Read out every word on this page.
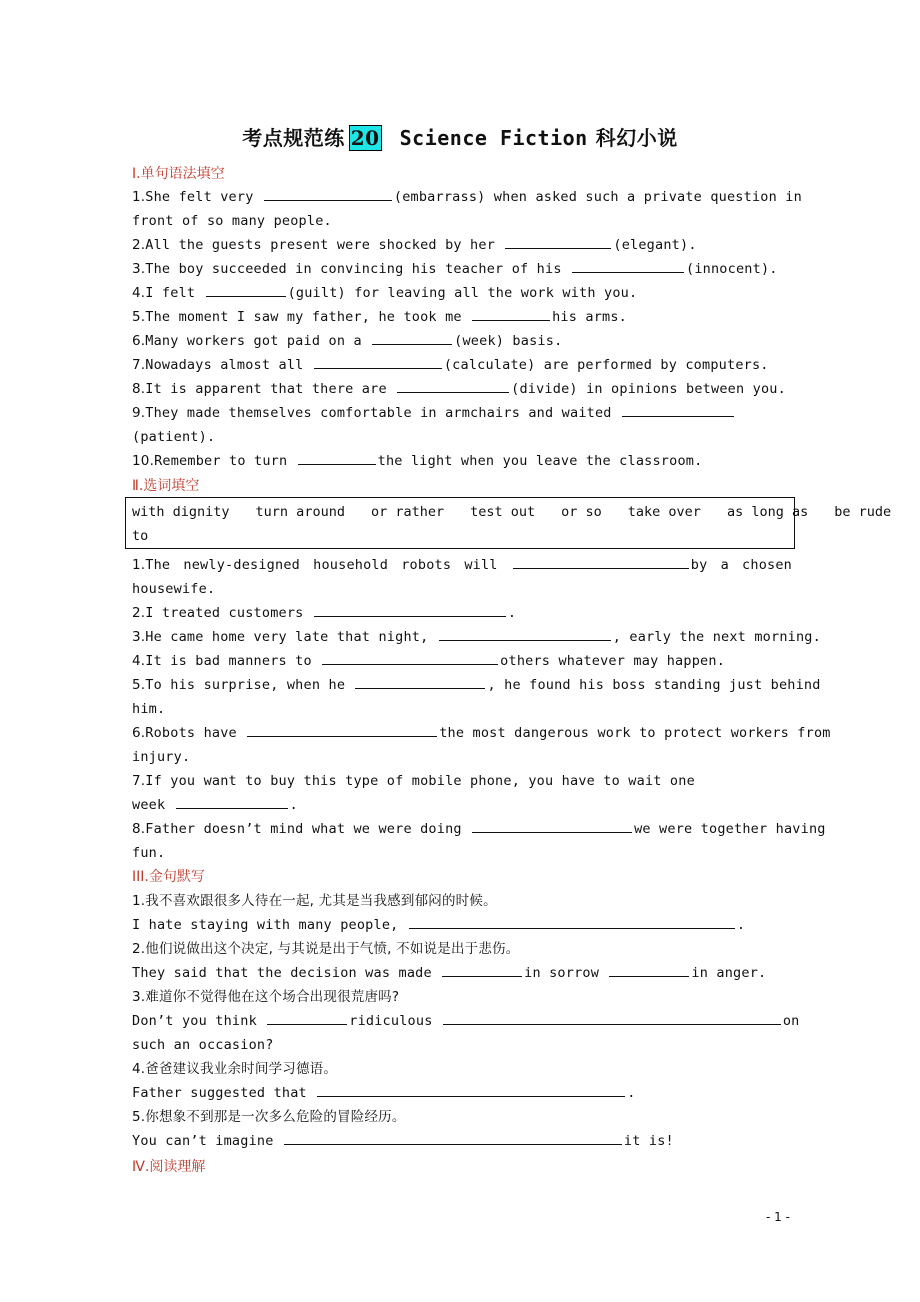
考点规范练 20 Science Fiction 科幻小说
Ⅰ.单句语法填空
1.She felt very	(embarrass) when asked such a private question in
front of so many people.
2.All the guests present were shocked by her	(elegant).
3.The boy succeeded in convincing his teacher of his	(innocent).
4.I felt	(guilt) for leaving all the work with you.
5.The moment I saw my father, he took me	his arms.
6.Many workers got paid on a	(week) basis.
7.Nowadays almost all	(calculate) are performed by computers.
8.It is apparent that there are	(divide) in opinions between you.
9.They made themselves comfortable in armchairs and waited
(patient).
10.Remember to turn	the light when you leave the classroom.
Ⅱ.选词填空
with dignity turn around or rather test out or so take over as long as be rude
to
1.The newly-designed household robots will	by a chosen
housewife.
2.I treated customers	.
3.He came home very late that night,	, early the next morning.
4.It is bad manners to	others whatever may happen.
5.To his surprise, when he	, he found his boss standing just behind
him.
6.Robots have	the most dangerous work to protect workers from
injury.
7.If you want to buy this type of mobile phone, you have to wait one
week	.
8.Father doesn’t mind what we were doing	we were together having
fun.
III.金句默写
1.我不喜欢跟很多人待在一起, 尤其是当我感到郁闷的时候。
I hate staying with many people,	.
2.他们说做出这个决定, 与其说是出于气愤, 不如说是出于悲伤。
They said that the decision was made	in sorrow	in anger.
3.难道你不觉得他在这个场合出现很荒唐吗?
Don’t you think	ridiculous	on
such an occasion?
4.爸爸建议我业余时间学习德语。
Father suggested that	.
5.你想象不到那是一次多么危险的冒险经历。
You can’t imagine	it is!
Ⅳ.阅读理解
- 1 -
